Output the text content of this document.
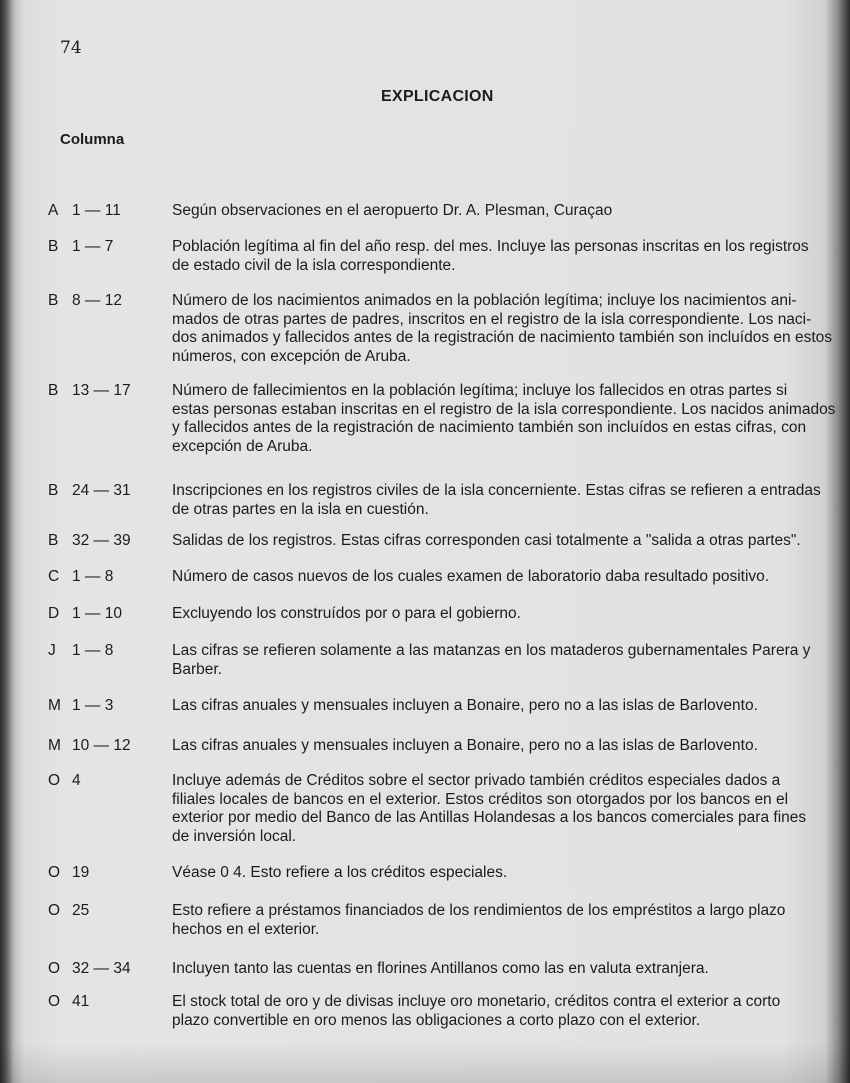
74
EXPLICACION
Columna
A 1 — 11	Según observaciones en el aeropuerto Dr. A. Plesman, Curaçao
B 1 — 7	Población legítima al fin del año resp. del mes. Incluye las personas inscritas en los registros
de estado civil de la isla correspondiente.
B 8 — 12	Número de los nacimientos animados en la población legítima; incluye los nacimientos ani-
mados de otras partes de padres, inscritos en el registro de la isla correspondiente. Los naci-
dos animados y fallecidos antes de la registración de nacimiento también son incluídos en estos
números, con excepción de Aruba.
B 13 — 17	Número de fallecimientos en la población legítima; incluye los fallecidos en otras partes si
estas personas estaban inscritas en el registro de la isla correspondiente. Los nacidos animados
y fallecidos antes de la registración de nacimiento también son incluídos en estas cifras, con
excepción de Aruba.
B 24 — 31	Inscripciones en los registros civiles de la isla concerniente. Estas cifras se refieren a entradas
de otras partes en la isla en cuestión.
B 32 — 39	Salidas de los registros. Estas cifras corresponden casi totalmente a "salida a otras partes".
C 1 — 8	Número de casos nuevos de los cuales examen de laboratorio daba resultado positivo.
D 1 — 10	Excluyendo los construídos por o para el gobierno.
J 1 — 8	Las cifras se refieren solamente a las matanzas en los mataderos gubernamentales Parera y
Barber.
M 1 — 3	Las cifras anuales y mensuales incluyen a Bonaire, pero no a las islas de Barlovento.
M 10 — 12	Las cifras anuales y mensuales incluyen a Bonaire, pero no a las islas de Barlovento.
O 4	Incluye además de Créditos sobre el sector privado también créditos especiales dados a
filiales locales de bancos en el exterior. Estos créditos son otorgados por los bancos en el
exterior por medio del Banco de las Antillas Holandesas a los bancos comerciales para fines
de inversión local.
O 19	Véase 0 4. Esto refiere a los créditos especiales.
O 25	Esto refiere a préstamos financiados de los rendimientos de los empréstitos a largo plazo
hechos en el exterior.
O 32 — 34	Incluyen tanto las cuentas en florines Antillanos como las en valuta extranjera.
O 41	El stock total de oro y de divisas incluye oro monetario, créditos contra el exterior a corto
plazo convertible en oro menos las obligaciones a corto plazo con el exterior.
